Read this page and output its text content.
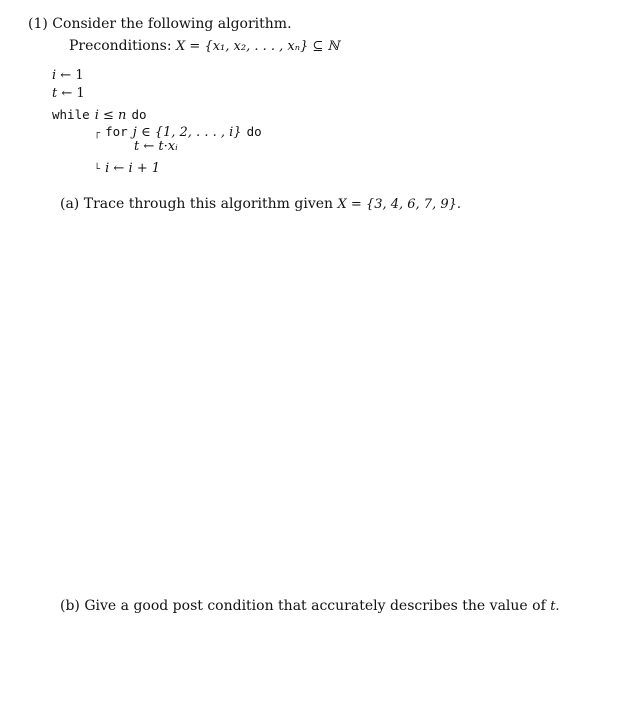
(1) Consider the following algorithm.
Preconditions: X = {x₁, x₂, . . . , xₙ} ⊆ ℕ
i ← 1
t ← 1
while i ≤ n do
┌ for j ∈ {1, 2, . . . , i} do
t ← t·xᵢ
└ i ← i + 1
(a) Trace through this algorithm given X = {3, 4, 6, 7, 9}.
(b) Give a good post condition that accurately describes the value of t.
